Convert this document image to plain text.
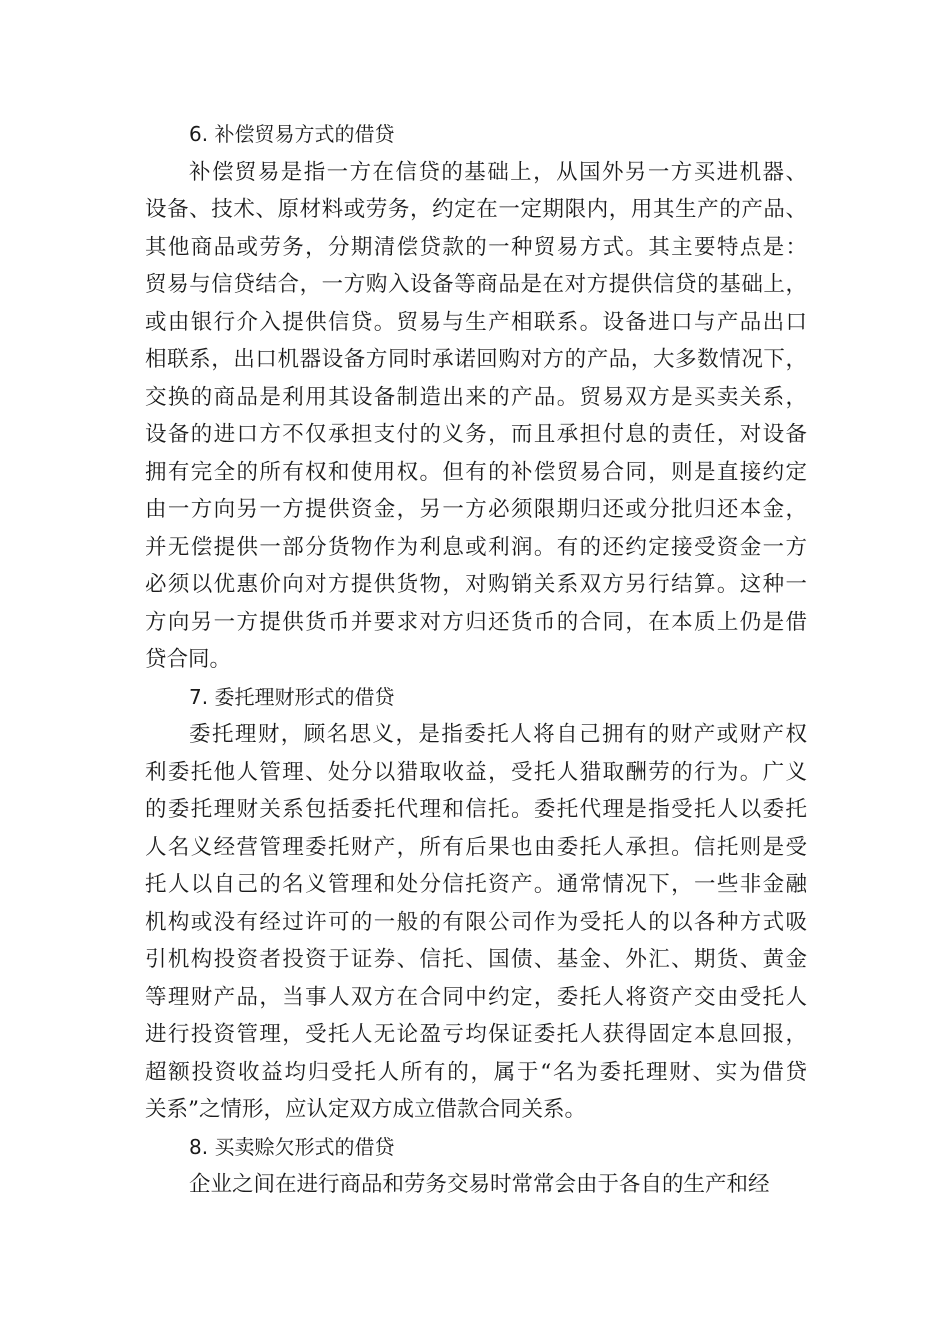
6. 补偿贸易方式的借贷
补偿贸易是指一方在信贷的基础上，从国外另一方买进机器、
设备、技术、原材料或劳务，约定在一定期限内，用其生产的产品、
其他商品或劳务，分期清偿贷款的一种贸易方式。其主要特点是：
贸易与信贷结合，一方购入设备等商品是在对方提供信贷的基础上，
或由银行介入提供信贷。贸易与生产相联系。设备进口与产品出口
相联系，出口机器设备方同时承诺回购对方的产品，大多数情况下，
交换的商品是利用其设备制造出来的产品。贸易双方是买卖关系，
设备的进口方不仅承担支付的义务，而且承担付息的责任，对设备
拥有完全的所有权和使用权。但有的补偿贸易合同，则是直接约定
由一方向另一方提供资金，另一方必须限期归还或分批归还本金，
并无偿提供一部分货物作为利息或利润。有的还约定接受资金一方
必须以优惠价向对方提供货物，对购销关系双方另行结算。这种一
方向另一方提供货币并要求对方归还货币的合同，在本质上仍是借
贷合同。
7. 委托理财形式的借贷
委托理财，顾名思义，是指委托人将自己拥有的财产或财产权
利委托他人管理、处分以猎取收益，受托人猎取酬劳的行为。广义
的委托理财关系包括委托代理和信托。委托代理是指受托人以委托
人名义经营管理委托财产，所有后果也由委托人承担。信托则是受
托人以自己的名义管理和处分信托资产。通常情况下，一些非金融
机构或没有经过许可的一般的有限公司作为受托人的以各种方式吸
引机构投资者投资于证券、信托、国债、基金、外汇、期货、黄金
等理财产品，当事人双方在合同中约定，委托人将资产交由受托人
进行投资管理，受托人无论盈亏均保证委托人获得固定本息回报，
超额投资收益均归受托人所有的，属于“名为委托理财、实为借贷
关系”之情形，应认定双方成立借款合同关系。
8. 买卖赊欠形式的借贷
企业之间在进行商品和劳务交易时常常会由于各自的生产和经
